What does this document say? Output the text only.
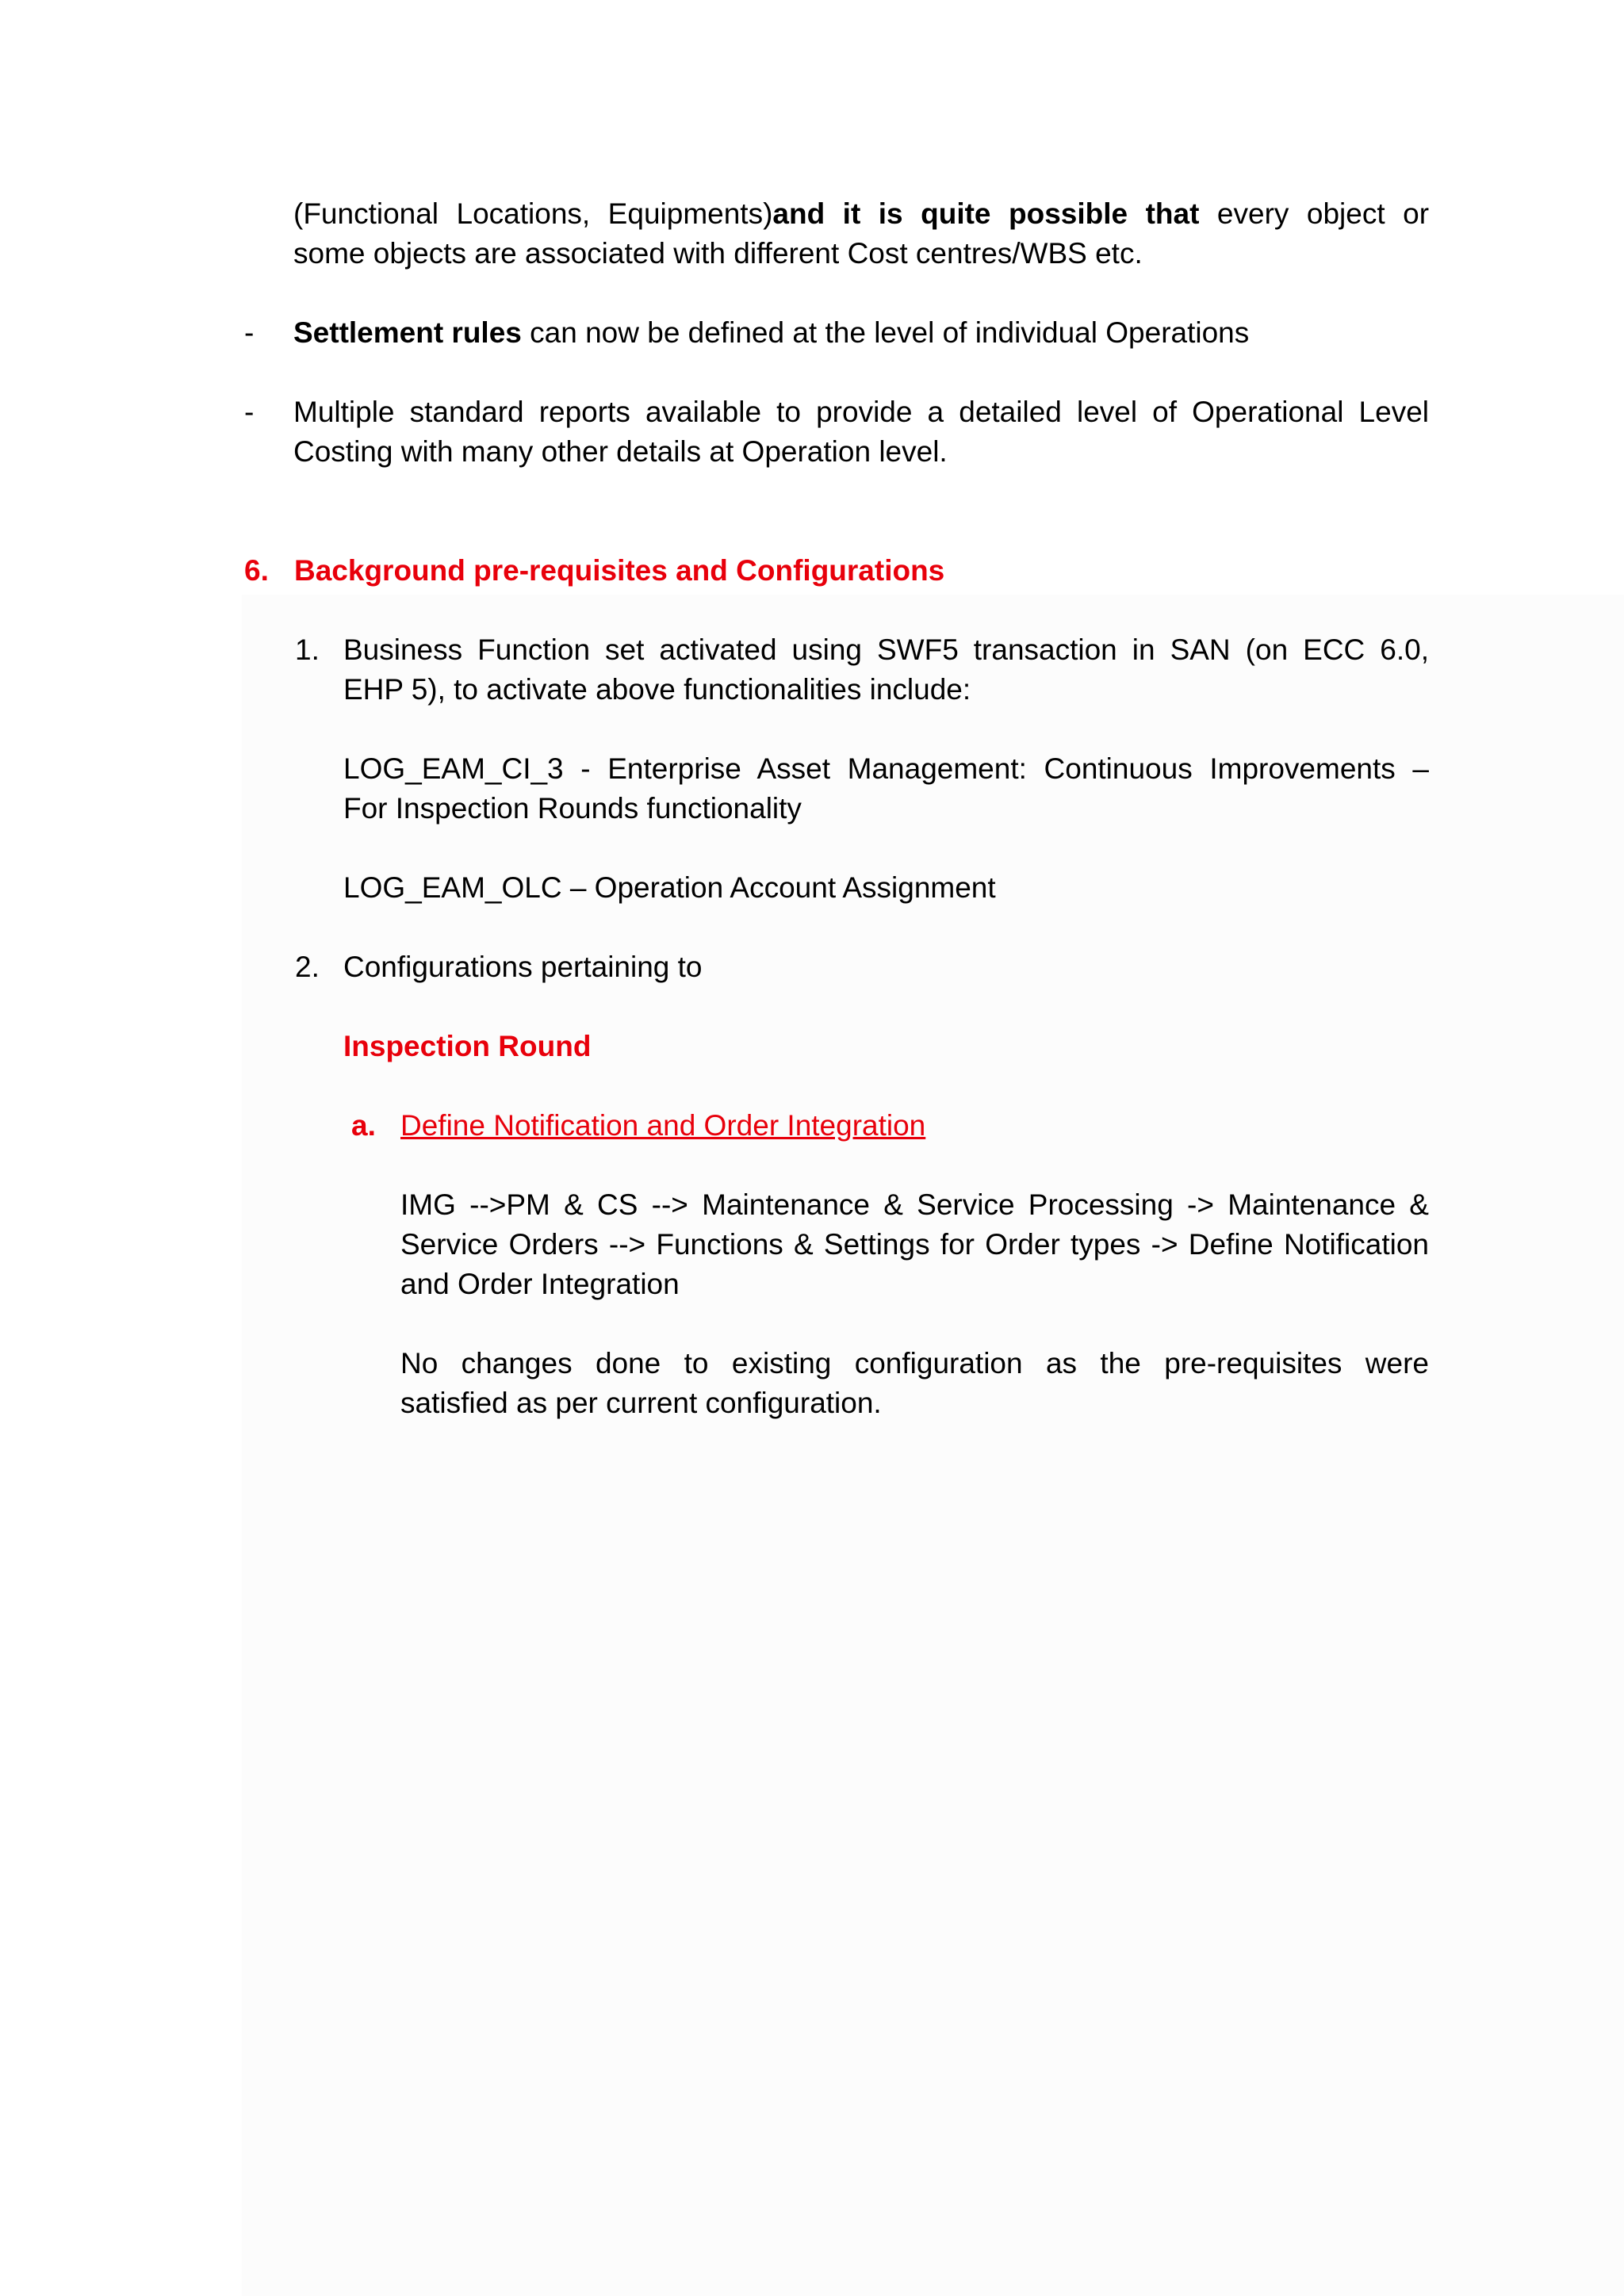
(Functional Locations, Equipments)and it is quite possible that every object or
some objects are associated with different Cost centres/WBS etc.
- Settlement rules can now be defined at the level of individual Operations
- Multiple standard reports available to provide a detailed level of Operational Level
Costing with many other details at Operation level.
6. Background pre-requisites and Configurations
1. Business Function set activated using SWF5 transaction in SAN (on ECC 6.0,
EHP 5), to activate above functionalities include:
LOG_EAM_CI_3 - Enterprise Asset Management: Continuous Improvements –
For Inspection Rounds functionality
LOG_EAM_OLC – Operation Account Assignment
2. Configurations pertaining to
Inspection Round
a. Define Notification and Order Integration
IMG -->PM & CS --> Maintenance & Service Processing -> Maintenance &
Service Orders --> Functions & Settings for Order types -> Define Notification
and Order Integration
No changes done to existing configuration as the pre-requisites were
satisfied as per current configuration.
